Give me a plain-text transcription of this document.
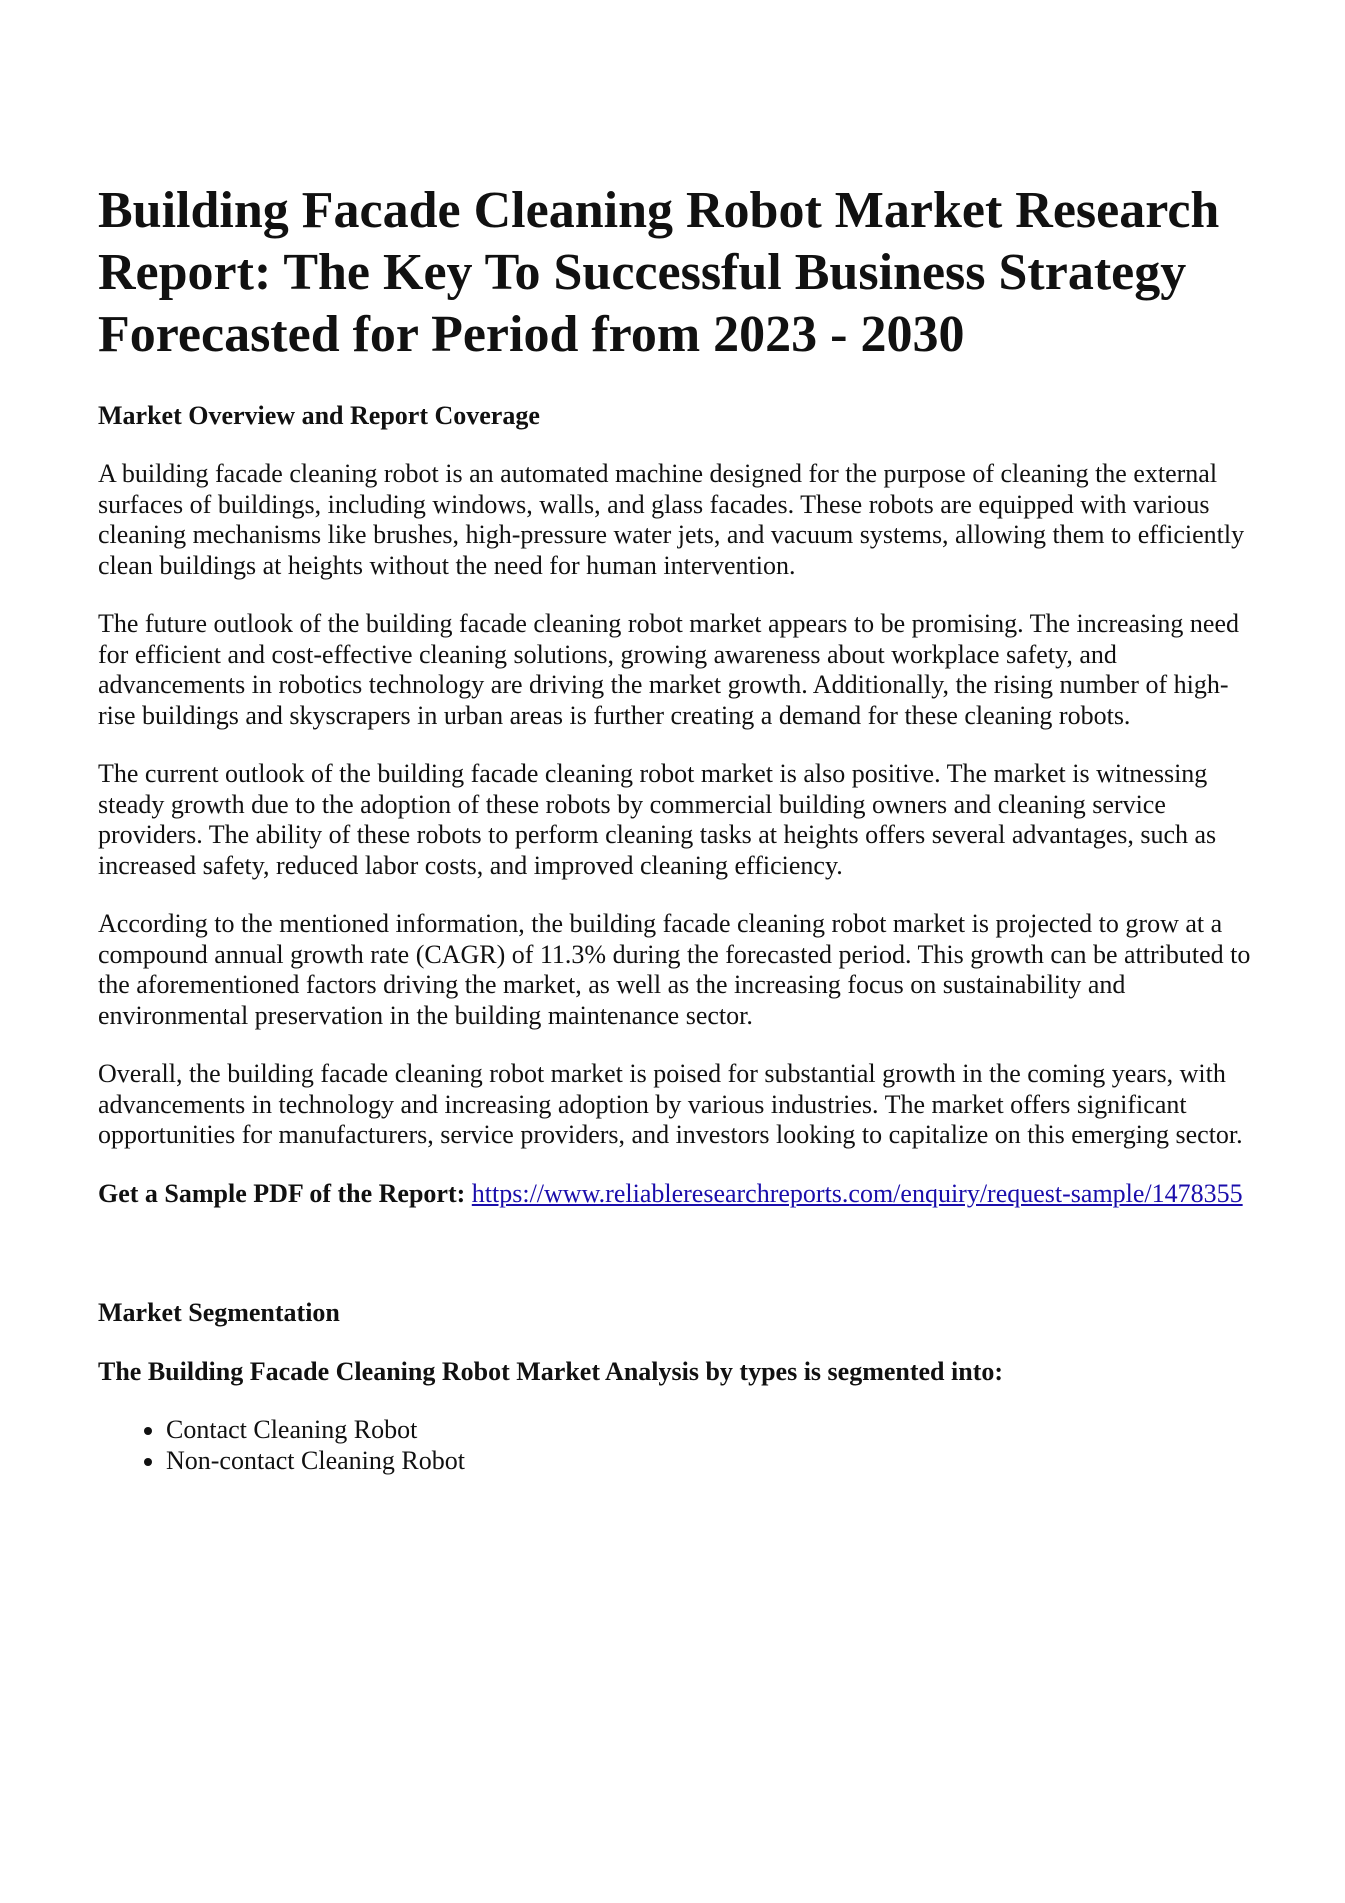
Building Facade Cleaning Robot Market Research Report: The Key To Successful Business Strategy Forecasted for Period from 2023 - 2030
Market Overview and Report Coverage

A building facade cleaning robot is an automated machine designed for the purpose of cleaning the external surfaces of buildings, including windows, walls, and glass facades. These robots are equipped with various cleaning mechanisms like brushes, high-pressure water jets, and vacuum systems, allowing them to efficiently clean buildings at heights without the need for human intervention.

The future outlook of the building facade cleaning robot market appears to be promising. The increasing need for efficient and cost-effective cleaning solutions, growing awareness about workplace safety, and advancements in robotics technology are driving the market growth. Additionally, the rising number of high-rise buildings and skyscrapers in urban areas is further creating a demand for these cleaning robots.

The current outlook of the building facade cleaning robot market is also positive. The market is witnessing steady growth due to the adoption of these robots by commercial building owners and cleaning service providers. The ability of these robots to perform cleaning tasks at heights offers several advantages, such as increased safety, reduced labor costs, and improved cleaning efficiency.

According to the mentioned information, the building facade cleaning robot market is projected to grow at a compound annual growth rate (CAGR) of 11.3% during the forecasted period. This growth can be attributed to the aforementioned factors driving the market, as well as the increasing focus on sustainability and environmental preservation in the building maintenance sector.

Overall, the building facade cleaning robot market is poised for substantial growth in the coming years, with advancements in technology and increasing adoption by various industries. The market offers significant opportunities for manufacturers, service providers, and investors looking to capitalize on this emerging sector.

Get a Sample PDF of the Report: https://www.reliableresearchreports.com/enquiry/request-sample/1478355

Market Segmentation
The Building Facade Cleaning Robot Market Analysis by types is segmented into:
• Contact Cleaning Robot
• Non-contact Cleaning Robot
